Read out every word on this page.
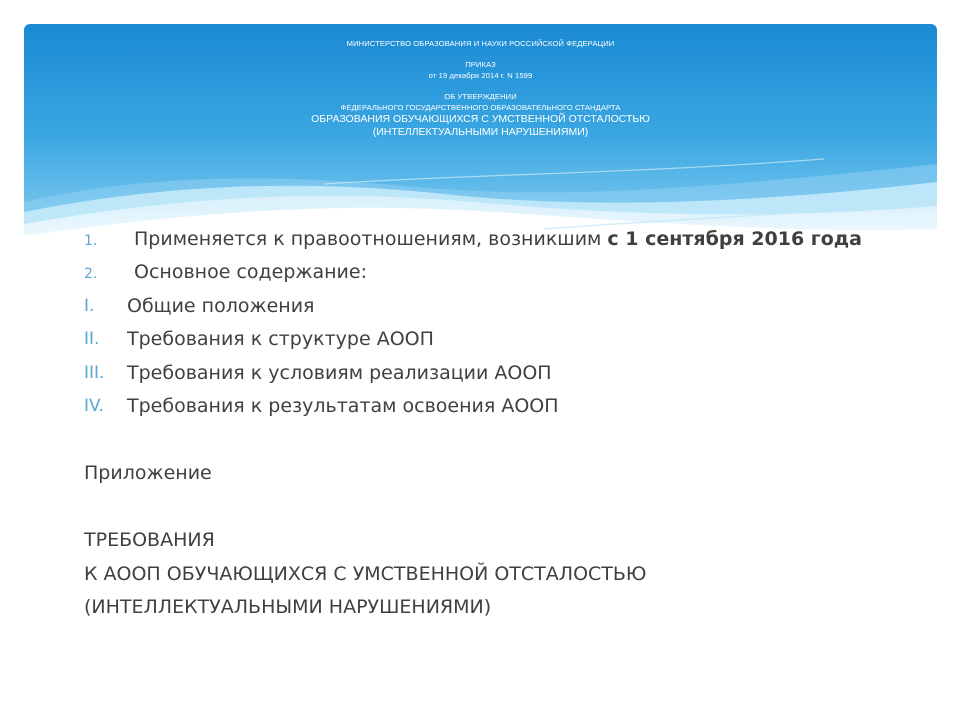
МИНИСТЕРСТВО ОБРАЗОВАНИЯ И НАУКИ РОССИЙСКОЙ ФЕДЕРАЦИИ
ПРИКАЗ
от 19 декабря 2014 г. N 1599
ОБ УТВЕРЖДЕНИИ
ФЕДЕРАЛЬНОГО ГОСУДАРСТВЕННОГО ОБРАЗОВАТЕЛЬНОГО СТАНДАРТА
ОБРАЗОВАНИЯ ОБУЧАЮЩИХСЯ С УМСТВЕННОЙ ОТСТАЛОСТЬЮ
(ИНТЕЛЛЕКТУАЛЬНЫМИ НАРУШЕНИЯМИ)
1. Применяется к правоотношениям, возникшим с 1 сентября 2016 года
2. Основное содержание:
I. Общие положения
II. Требования к структуре АООП
III. Требования к условиям реализации АООП
IV. Требования к результатам освоения АООП
Приложение
ТРЕБОВАНИЯ
К АООП ОБУЧАЮЩИХСЯ С УМСТВЕННОЙ ОТСТАЛОСТЬЮ
(ИНТЕЛЛЕКТУАЛЬНЫМИ НАРУШЕНИЯМИ)
